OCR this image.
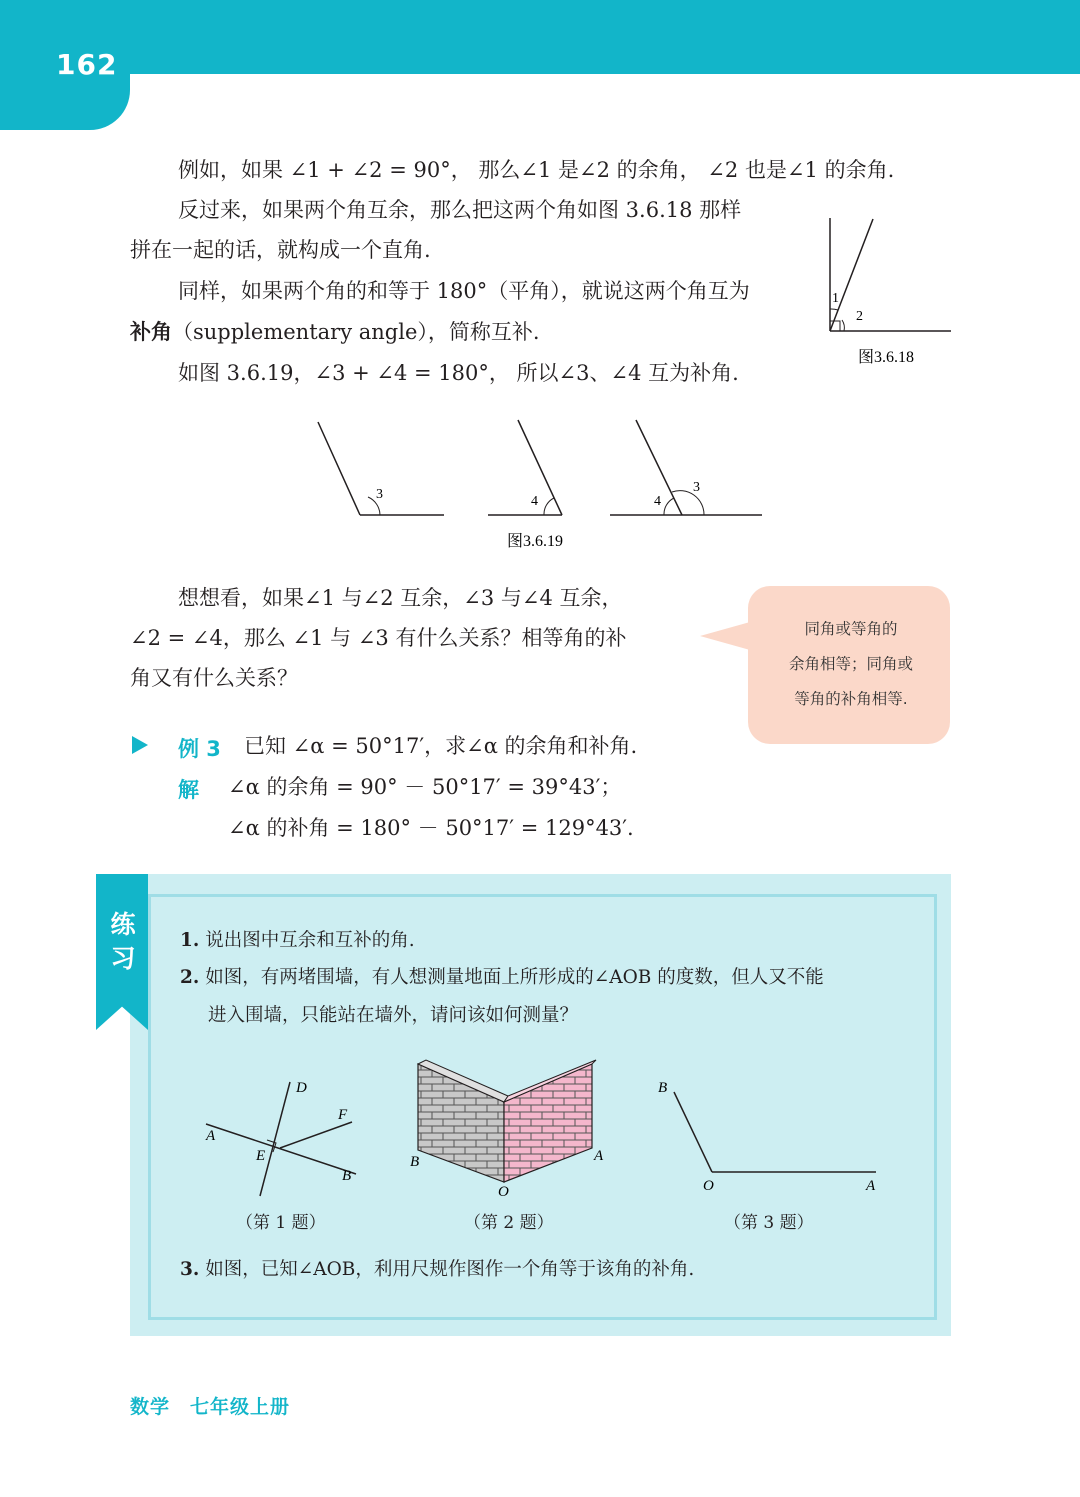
162
例如，如果 ∠1 + ∠2 = 90°， 那么∠1 是∠2 的余角， ∠2 也是∠1 的余角.
反过来，如果两个角互余，那么把这两个角如图 3.6.18 那样
拼在一起的话，就构成一个直角.
同样，如果两个角的和等于 180°（平角），就说这两个角互为
补角（supplementary angle），简称互补.
如图 3.6.19，∠3 + ∠4 = 180°， 所以∠3、∠4 互为补角.
1
2
图3.6.18
3	4	4
3
图3.6.19
想想看，如果∠1 与∠2 互余，∠3 与∠4 互余，
∠2 = ∠4，那么 ∠1 与 ∠3 有什么关系？相等角的补
角又有什么关系？
同角或等角的
余角相等；同角或
等角的补角相等.
例 3 已知 ∠α = 50°17′，求∠α 的余角和补角.
解 ∠α 的余角 = 90° － 50°17′ = 39°43′；
∠α 的补角 = 180° － 50°17′ = 129°43′.
练
习
1. 说出图中互余和互补的角.
2. 如图，有两堵围墙，有人想测量地面上所形成的∠AOB 的度数，但人又不能
进入围墙，只能站在墙外，请问该如何测量？
A
D
F
E
B
B
O
A
B
O	A
（第 1 题）	（第 2 题）	（第 3 题）
3. 如图，已知∠AOB，利用尺规作图作一个角等于该角的补角.
数学　七年级上册
